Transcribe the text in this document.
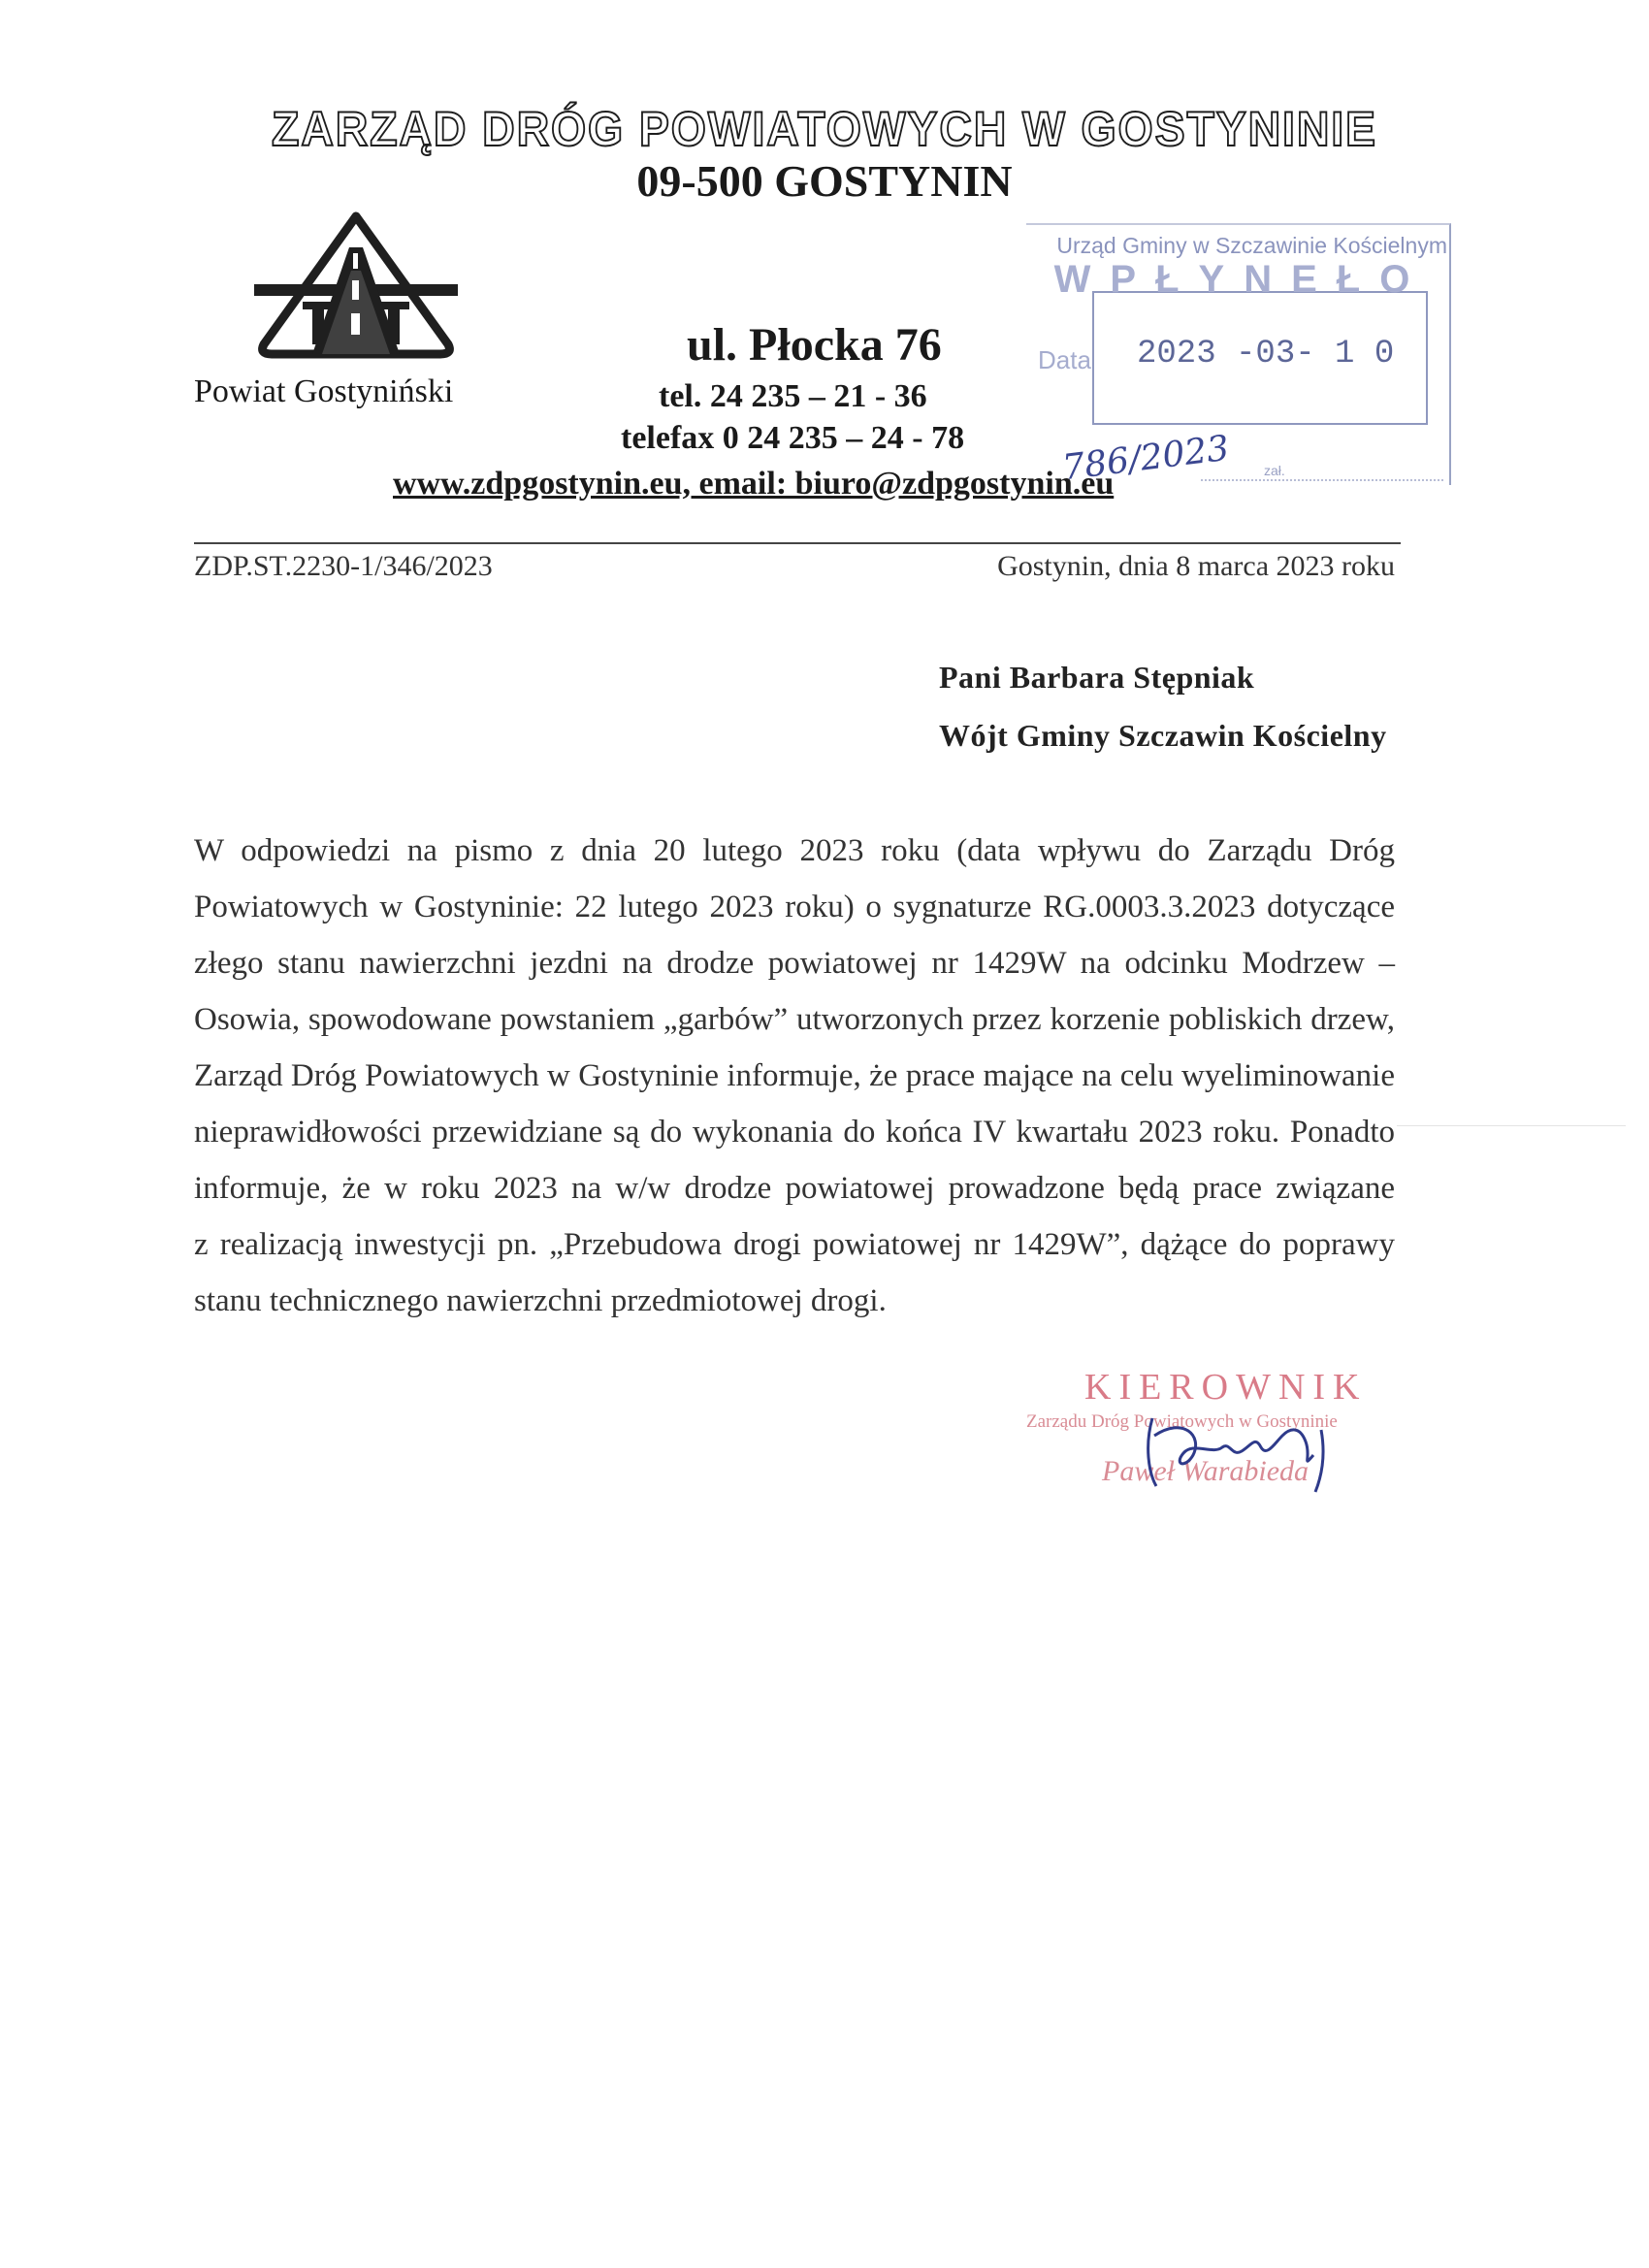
ZARZĄD DRÓG POWIATOWYCH W GOSTYNINIE
09-500 GOSTYNIN
Powiat Gostyniński
ul. Płocka 76
tel. 24 235 – 21 - 36
telefax 0 24 235 – 24 - 78
www.zdpgostynin.eu, email: biuro@zdpgostynin.eu
Urząd Gminy w Szczawinie Kościelnym
WPŁYNEŁO
Data 2023 -03- 1 0
zał.
786/2023
ZDP.ST.2230-1/346/2023	Gostynin, dnia 8 marca 2023 roku
Pani Barbara Stępniak
Wójt Gminy Szczawin Kościelny
W odpowiedzi na pismo z dnia 20 lutego 2023 roku (data wpływu do Zarządu Dróg
Powiatowych w Gostyninie: 22 lutego 2023 roku) o sygnaturze RG.0003.3.2023 dotyczące
złego stanu nawierzchni jezdni na drodze powiatowej nr 1429W na odcinku Modrzew –
Osowia, spowodowane powstaniem „garbów” utworzonych przez korzenie pobliskich drzew,
Zarząd Dróg Powiatowych w Gostyninie informuje, że prace mające na celu wyeliminowanie
nieprawidłowości przewidziane są do wykonania do końca IV kwartału 2023 roku. Ponadto
informuje, że w roku 2023 na w/w drodze powiatowej prowadzone będą prace związane
z realizacją inwestycji pn. „Przebudowa drogi powiatowej nr 1429W”, dążące do poprawy
stanu technicznego nawierzchni przedmiotowej drogi.
KIEROWNIK
Zarządu Dróg Powiatowych w Gostyninie
Paweł Warabieda
